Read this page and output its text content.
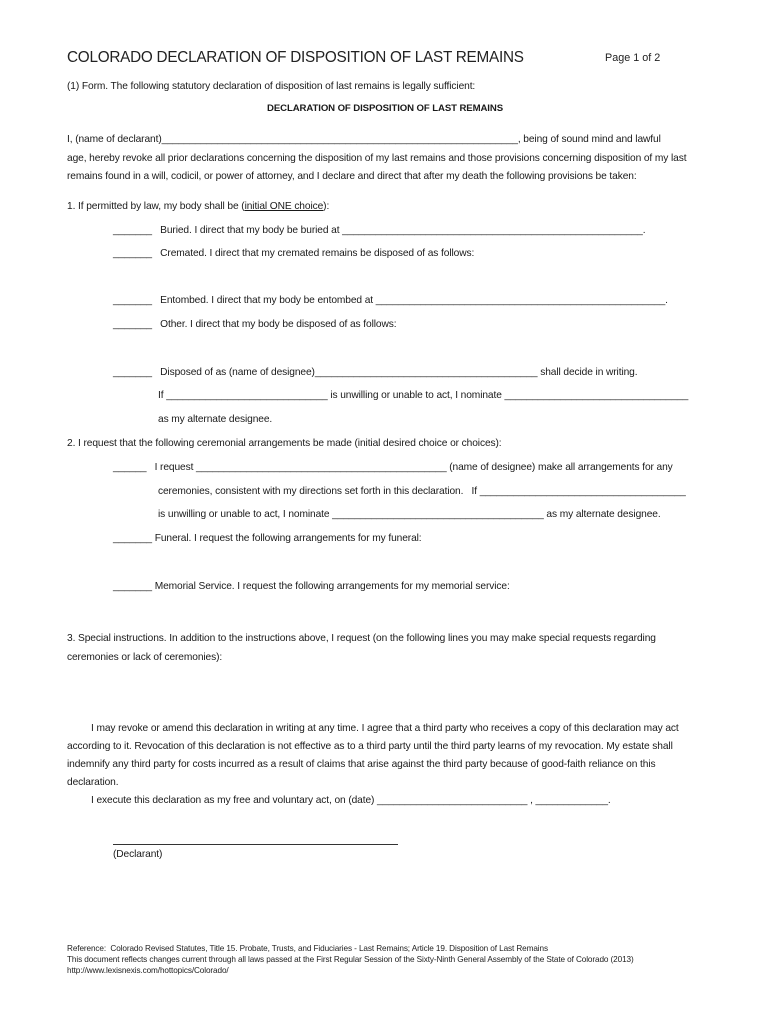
COLORADO DECLARATION OF DISPOSITION OF LAST REMAINS	Page 1 of 2
(1) Form. The following statutory declaration of disposition of last remains is legally sufficient:
DECLARATION OF DISPOSITION OF LAST REMAINS
I, (name of declarant)________________________________________________________________, being of sound mind and lawful
age, hereby revoke all prior declarations concerning the disposition of my last remains and those provisions concerning disposition of my last
remains found in a will, codicil, or power of attorney, and I declare and direct that after my death the following provisions be taken:
1. If permitted by law, my body shall be (initial ONE choice):
_______   Buried. I direct that my body be buried at ______________________________________________________.
_______   Cremated. I direct that my cremated remains be disposed of as follows:
_______   Entombed. I direct that my body be entombed at ____________________________________________________.
_______   Other. I direct that my body be disposed of as follows:
_______   Disposed of as (name of designee)________________________________________ shall decide in writing.
If _____________________________ is unwilling or unable to act, I nominate _________________________________
as my alternate designee.
2. I request that the following ceremonial arrangements be made (initial desired choice or choices):
______   I request _____________________________________________ (name of designee) make all arrangements for any
ceremonies, consistent with my directions set forth in this declaration.   If _____________________________________
is unwilling or unable to act, I nominate ______________________________________ as my alternate designee.
_______ Funeral. I request the following arrangements for my funeral:
_______ Memorial Service. I request the following arrangements for my memorial service:
3. Special instructions. In addition to the instructions above, I request (on the following lines you may make special requests regarding
ceremonies or lack of ceremonies):
I may revoke or amend this declaration in writing at any time. I agree that a third party who receives a copy of this declaration may act
according to it. Revocation of this declaration is not effective as to a third party until the third party learns of my revocation. My estate shall
indemnify any third party for costs incurred as a result of claims that arise against the third party because of good-faith reliance on this
declaration.
I execute this declaration as my free and voluntary act, on (date) ___________________________ , _____________.
(Declarant)
Reference:  Colorado Revised Statutes, Title 15. Probate, Trusts, and Fiduciaries - Last Remains; Article 19. Disposition of Last Remains
This document reflects changes current through all laws passed at the First Regular Session of the Sixty-Ninth General Assembly of the State of Colorado (2013)
http://www.lexisnexis.com/hottopics/Colorado/
